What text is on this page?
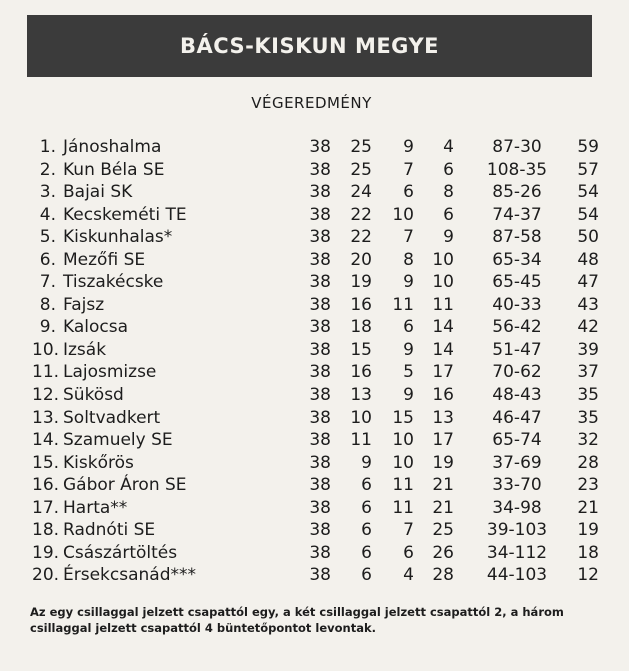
BÁCS-KISKUN MEGYE
VÉGEREDMÉNY
1. Jánoshalma	38	25	9	4	87-30	59
2. Kun Béla SE	38	25	7	6	108-35	57
3. Bajai SK	38	24	6	8	85-26	54
4. Kecskeméti TE	38	22	10	6	74-37	54
5. Kiskunhalas*	38	22	7	9	87-58	50
6. Mezőfi SE	38	20	8	10	65-34	48
7. Tiszakécske	38	19	9	10	65-45	47
8. Fajsz	38	16	11	11	40-33	43
9. Kalocsa	38	18	6	14	56-42	42
10. Izsák	38	15	9	14	51-47	39
11. Lajosmizse	38	16	5	17	70-62	37
12. Sükösd	38	13	9	16	48-43	35
13. Soltvadkert	38	10	15	13	46-47	35
14. Szamuely SE	38	11	10	17	65-74	32
15. Kiskőrös	38	9	10	19	37-69	28
16. Gábor Áron SE	38	6	11	21	33-70	23
17. Harta**	38	6	11	21	34-98	21
18. Radnóti SE	38	6	7	25	39-103	19
19. Császártöltés	38	6	6	26	34-112	18
20. Érsekcsanád***	38	6	4	28	44-103	12
Az egy csillaggal jelzett csapattól egy, a két csillaggal jelzett csapattól 2, a három csillaggal jelzett csapattól 4 büntetőpontot levontak.
